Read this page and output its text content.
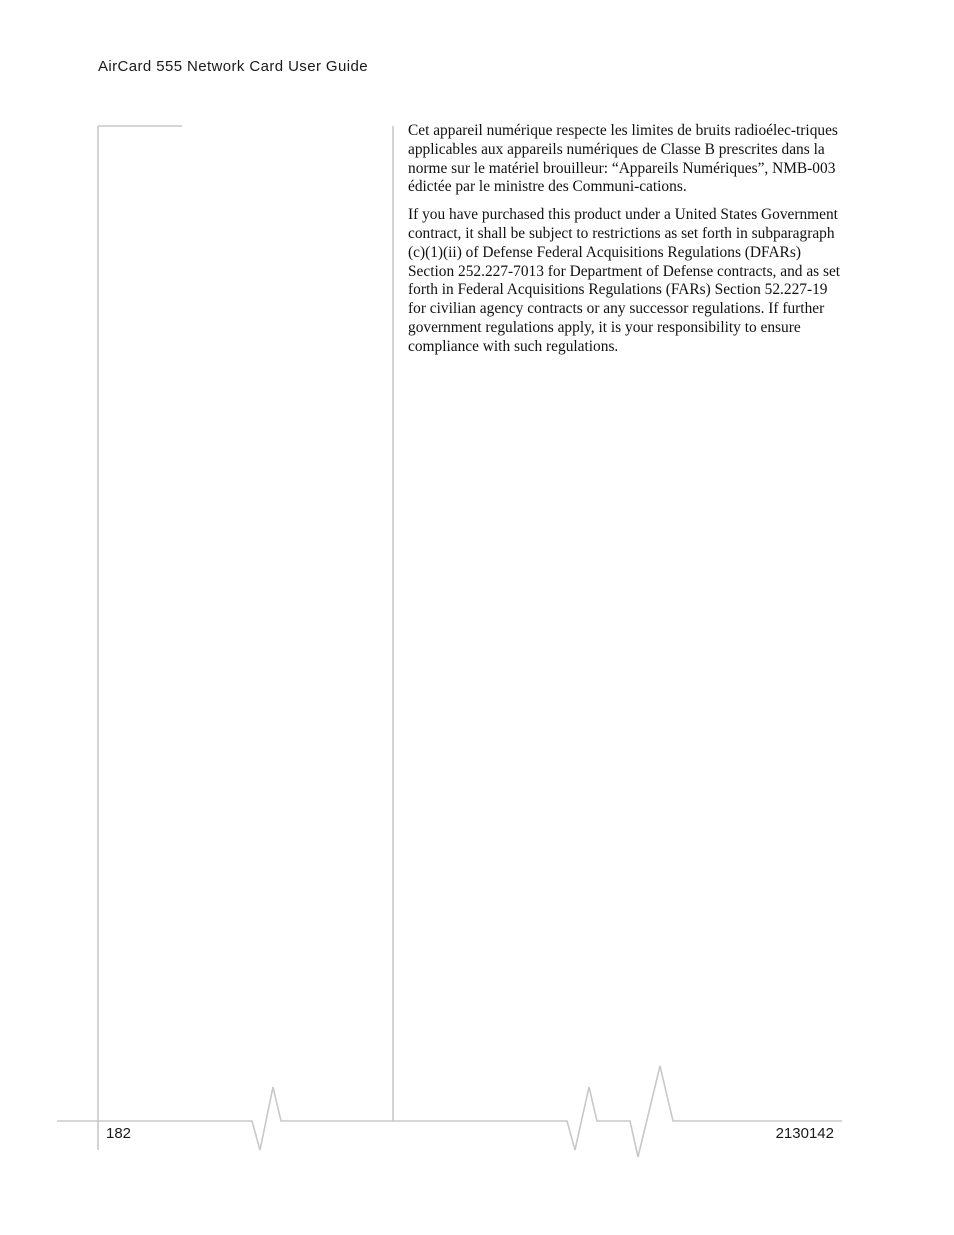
AirCard 555 Network Card User Guide

Cet appareil numérique respecte les limites de bruits radioélec-triques applicables aux appareils numériques de Classe B prescrites dans la norme sur le matériel brouilleur: “Appareils Numériques”, NMB-003 édictée par le ministre des Communi-cations.

If you have purchased this product under a United States Government contract, it shall be subject to restrictions as set forth in subparagraph (c)(1)(ii) of Defense Federal Acquisitions Regulations (DFARs) Section 252.227-7013 for Department of Defense contracts, and as set forth in Federal Acquisitions Regulations (FARs) Section 52.227-19 for civilian agency contracts or any successor regulations. If further government regulations apply, it is your responsibility to ensure compliance with such regulations.

182	2130142
